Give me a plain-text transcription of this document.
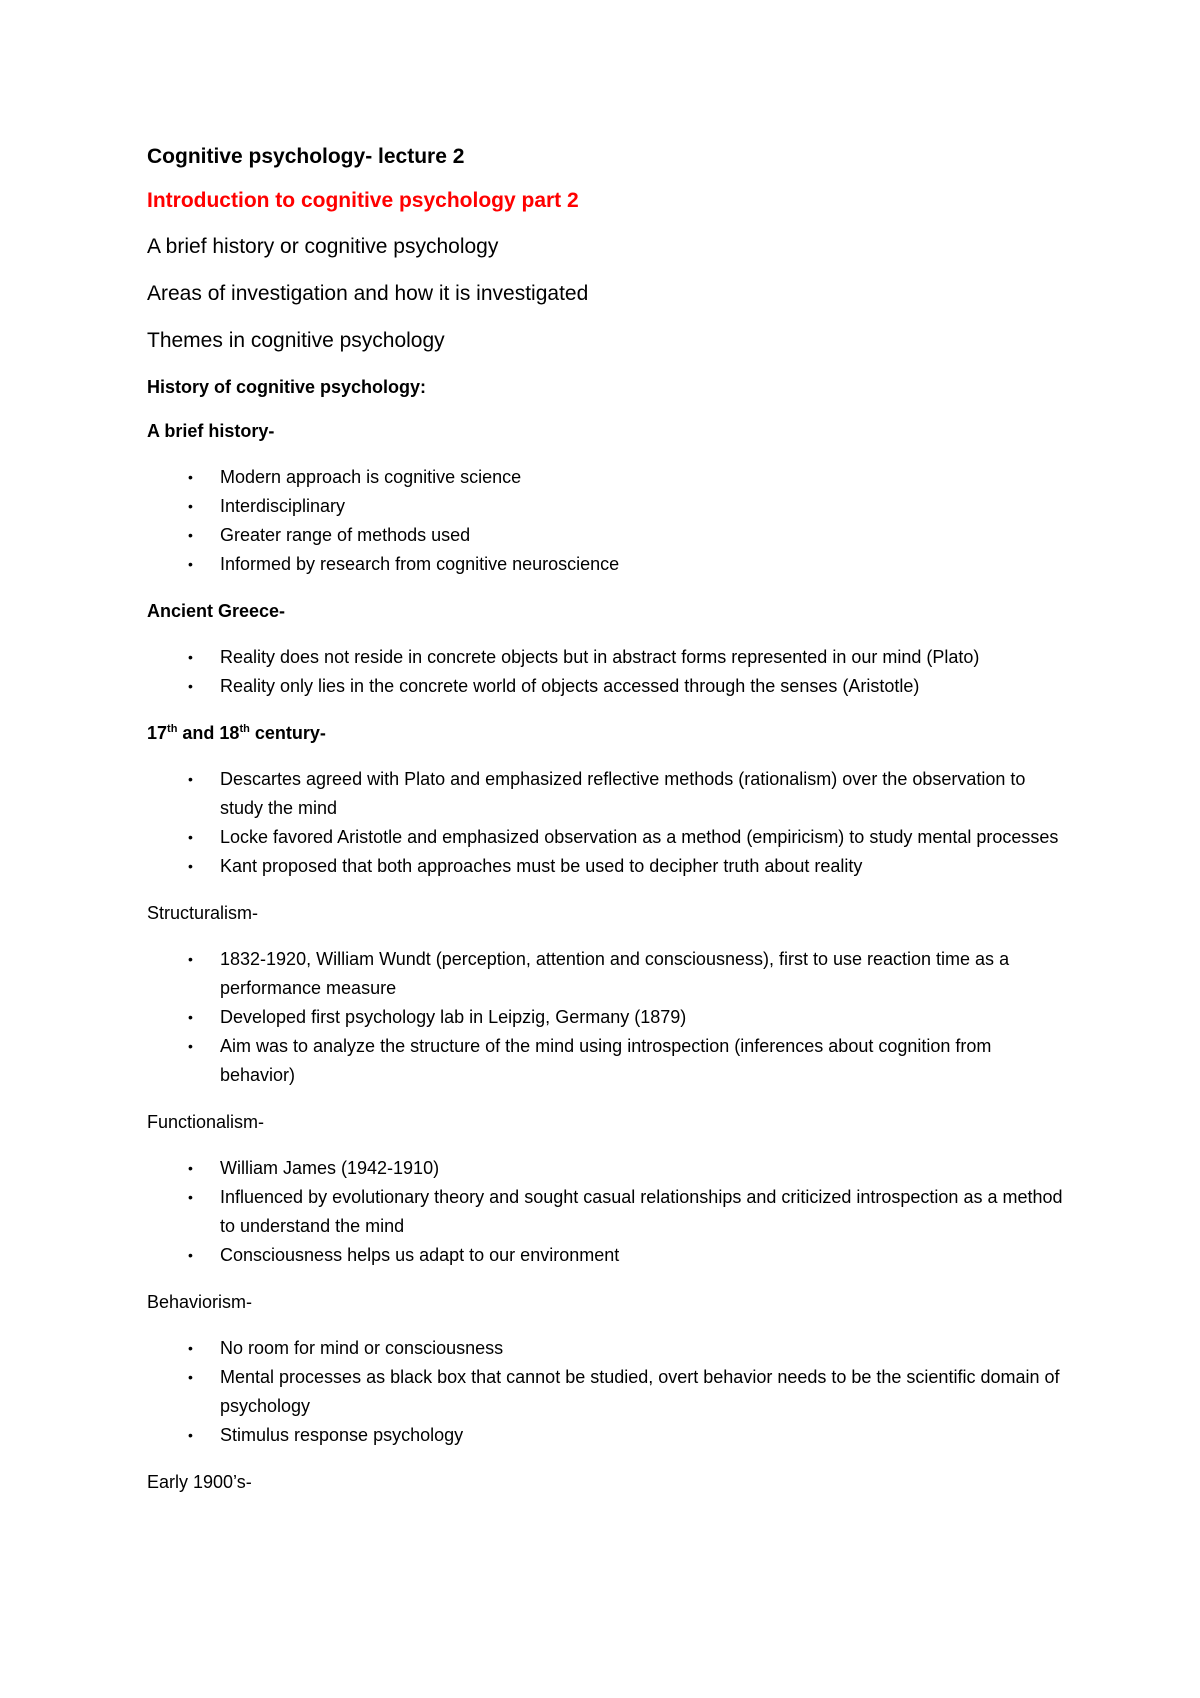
Cognitive psychology- lecture 2
Introduction to cognitive psychology part 2
A brief history or cognitive psychology
Areas of investigation and how it is investigated
Themes in cognitive psychology
History of cognitive psychology:
A brief history-
• Modern approach is cognitive science
• Interdisciplinary
• Greater range of methods used
• Informed by research from cognitive neuroscience
Ancient Greece-
• Reality does not reside in concrete objects but in abstract forms represented in our mind (Plato)
• Reality only lies in the concrete world of objects accessed through the senses (Aristotle)
17th and 18th century-
• Descartes agreed with Plato and emphasized reflective methods (rationalism) over the observation to study the mind
• Locke favored Aristotle and emphasized observation as a method (empiricism) to study mental processes
• Kant proposed that both approaches must be used to decipher truth about reality
Structuralism-
• 1832-1920, William Wundt (perception, attention and consciousness), first to use reaction time as a performance measure
• Developed first psychology lab in Leipzig, Germany (1879)
• Aim was to analyze the structure of the mind using introspection (inferences about cognition from behavior)
Functionalism-
• William James (1942-1910)
• Influenced by evolutionary theory and sought casual relationships and criticized introspection as a method to understand the mind
• Consciousness helps us adapt to our environment
Behaviorism-
• No room for mind or consciousness
• Mental processes as black box that cannot be studied, overt behavior needs to be the scientific domain of psychology
• Stimulus response psychology
Early 1900’s-
